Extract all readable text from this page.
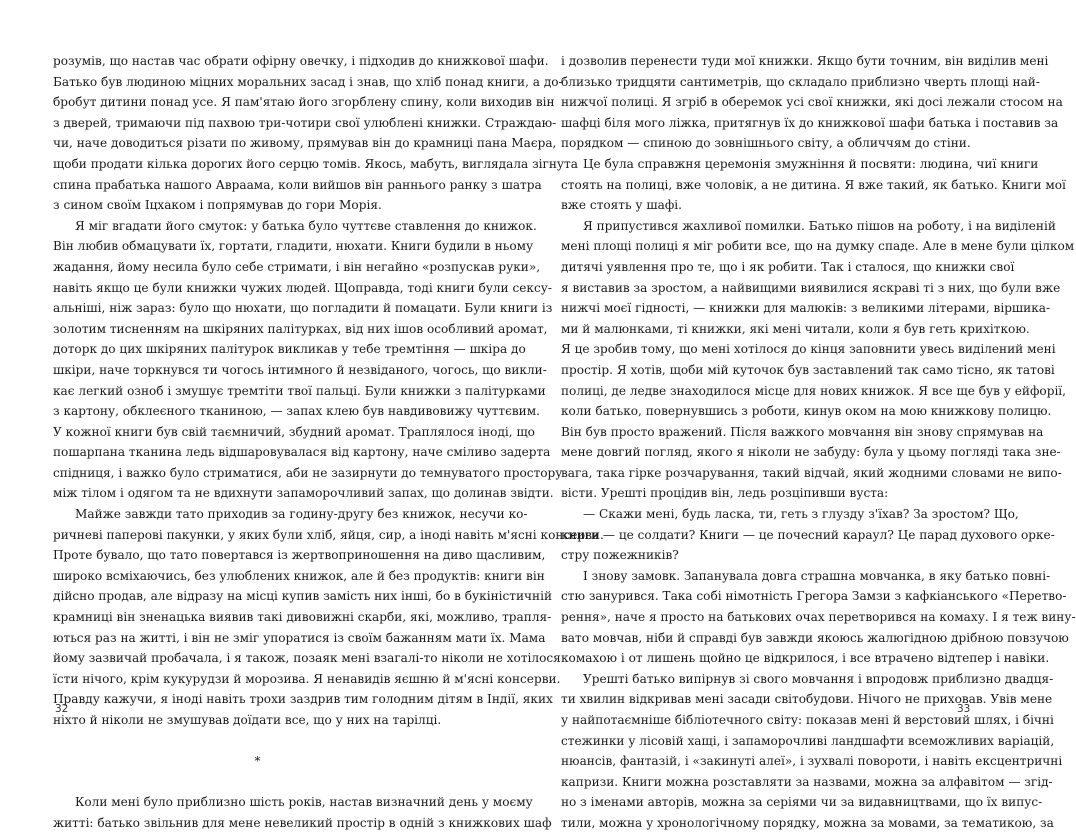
розумів, що настав час обрати офірну овечку, і підходив до книжкової шафи.
Батько був людиною міцних моральних засад і знав, що хліб понад книги, а до-
бробут дитини понад усе. Я пам'ятаю його згорблену спину, коли виходив він
з дверей, тримаючи під пахвою три-чотири свої улюблені книжки. Страждаю-
чи, наче доводиться різати по живому, прямував він до крамниці пана Маєра,
щоби продати кілька дорогих його серцю томів. Якось, мабуть, виглядала зігнута
спина прабатька нашого Авраама, коли вийшов він раннього ранку з шатра
з сином своїм Іцхаком і попрямував до гори Морія.
Я міг вгадати його смуток: у батька було чуттєве ставлення до книжок.
Він любив обмацувати їх, гортати, гладити, нюхати. Книги будили в ньому
жадання, йому несила було себе стримати, і він негайно «розпускав руки»,
навіть якщо це були книжки чужих людей. Щоправда, тоді книги були сексу-
альніші, ніж зараз: було що нюхати, що погладити й помацати. Були книги із
золотим тисненням на шкіряних палітурках, від них ішов особливий аромат,
доторк до цих шкіряних палітурок викликав у тебе тремтіння — шкіра до
шкіри, наче торкнувся ти чогось інтимного й незвіданого, чогось, що викли-
кає легкий озноб і змушує тремтіти твої пальці. Були книжки з палітурками
з картону, обклеєного тканиною, — запах клею був навдивовижу чуттєвим.
У кожної книги був свій таємничий, збудний аромат. Траплялося іноді, що
пошарпана тканина ледь відшаровувалася від картону, наче сміливо задерта
спідниця, і важко було стриматися, аби не зазирнути до темнуватого простору
між тілом і одягом та не вдихнути запаморочливий запах, що долинав звідти.
Майже завжди тато приходив за годину-другу без книжок, несучи ко-
ричневі паперові пакунки, у яких були хліб, яйця, сир, а іноді навіть м'ясні консерви.
Проте бувало, що тато повертався із жертвоприношення на диво щасливим,
широко всміхаючись, без улюблених книжок, але й без продуктів: книги він
дійсно продав, але відразу на місці купив замість них інші, бо в букіністичній
крамниці він зненацька виявив такі дивовижні скарби, які, можливо, трапля-
ються раз на житті, і він не зміг упоратися із своїм бажанням мати їх. Мама
йому зазвичай пробачала, і я також, позаяк мені взагалі-то ніколи не хотілося
їсти нічого, крім кукурудзи й морозива. Я ненавидів яєшню й м'ясні консерви.
Правду кажучи, я іноді навіть трохи заздрив тим голодним дітям в Індії, яких
ніхто й ніколи не змушував доїдати все, що у них на тарілці.
*
Коли мені було приблизно шість років, настав визначний день у моєму
житті: батько звільнив для мене невеликий простір в одній з книжкових шаф
і дозволив перенести туди мої книжки. Якщо бути точним, він виділив мені
близько тридцяти сантиметрів, що складало приблизно чверть площі най-
нижчої полиці. Я згріб в оберемок усі свої книжки, які досі лежали стосом на
шафці біля мого ліжка, притягнув їх до книжкової шафи батька і поставив за
порядком — спиною до зовнішнього світу, а обличчям до стіни.
Це була справжня церемонія змужніння й посвяти: людина, чиї книги
стоять на полиці, вже чоловік, а не дитина. Я вже такий, як батько. Книги мої
вже стоять у шафі.
Я припустився жахливої помилки. Батько пішов на роботу, і на виділеній
мені площі полиці я міг робити все, що на думку спаде. Але в мене були цілком
дитячі уявлення про те, що і як робити. Так і сталося, що книжки свої
я виставив за зростом, а найвищими виявилися яскраві ті з них, що були вже
нижчі моєї гідності, — книжки для малюків: з великими літерами, віршика-
ми й малюнками, ті книжки, які мені читали, коли я був геть крихіткою.
Я це зробив тому, що мені хотілося до кінця заповнити увесь виділений мені
простір. Я хотів, щоби мій куточок був заставлений так само тісно, як татові
полиці, де ледве знаходилося місце для нових книжок. Я все ще був у ейфорії,
коли батько, повернувшись з роботи, кинув оком на мою книжкову полицю.
Він був просто вражений. Після важкого мовчання він знову спрямував на
мене довгий погляд, якого я ніколи не забуду: була у цьому погляді така зне-
вага, така гірке розчарування, такий відчай, який жодними словами не випо-
вісти. Урешті процідив він, ледь розціпивши вуста:
— Скажи мені, будь ласка, ти, геть з глузду з'їхав? За зростом? Що,
книги — це солдати? Книги — це почесний караул? Це парад духового орке-
стру пожежників?
І знову замовк. Запанувала довга страшна мовчанка, в яку батько повні-
стю занурився. Така собі німотність Грегора Замзи з кафкіанського «Перетво-
рення», наче я просто на батькових очах перетворився на комаху. І я теж вину-
вато мовчав, ніби й справді був завжди якоюсь жалюгідною дрібною повзучою
комахою і от лишень щойно це відкрилося, і все втрачено відтепер і навіки.
Урешті батько випірнув зі свого мовчання і впродовж приблизно двадця-
ти хвилин відкривав мені засади світобудови. Нічого не приховав. Увів мене
у найпотаємніше бібліотечного світу: показав мені й верстовий шлях, і бічні
стежинки у лісовій хащі, і запаморочливі ландшафти всеможливих варіацій,
нюансів, фантазій, і «закинуті алеї», і зухвалі повороти, і навіть ексцентричні
капризи. Книги можна розставляти за назвами, можна за алфавітом — згід-
но з іменами авторів, можна за серіями чи за видавництвами, що їх випус-
тили, можна у хронологічному порядку, можна за мовами, за тематикою, за
32	33
